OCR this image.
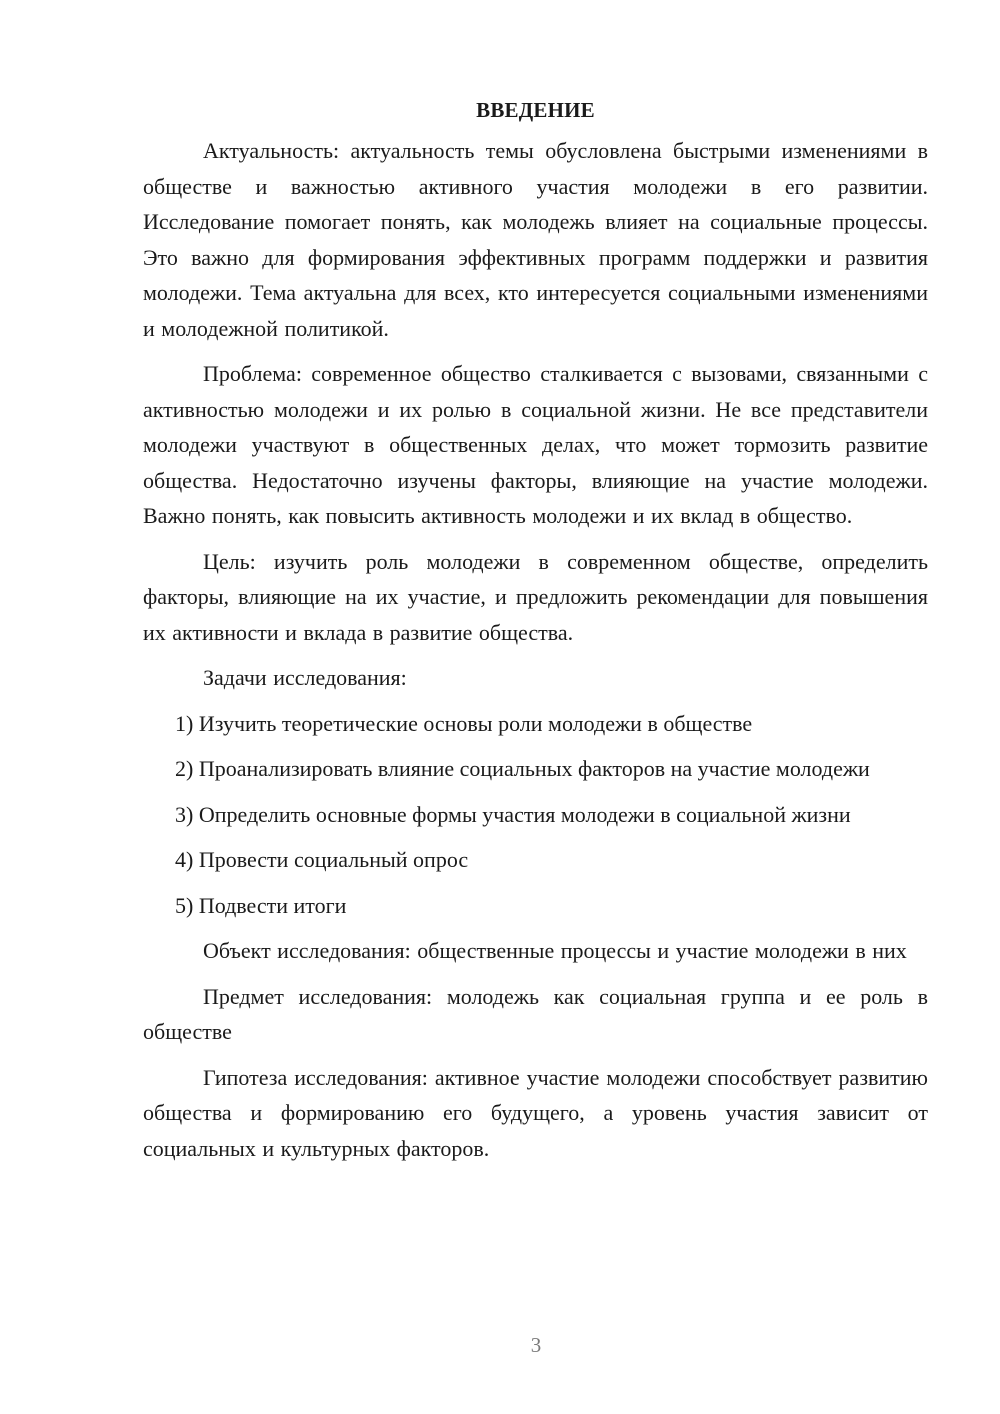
ВВЕДЕНИЕ

Актуальность: актуальность темы обусловлена быстрыми изменениями в обществе и важностью активного участия молодежи в его развитии. Исследование помогает понять, как молодежь влияет на социальные процессы. Это важно для формирования эффективных программ поддержки и развития молодежи. Тема актуальна для всех, кто интересуется социальными изменениями и молодежной политикой.

Проблема: современное общество сталкивается с вызовами, связанными с активностью молодежи и их ролью в социальной жизни. Не все представители молодежи участвуют в общественных делах, что может тормозить развитие общества. Недостаточно изучены факторы, влияющие на участие молодежи. Важно понять, как повысить активность молодежи и их вклад в общество.

Цель: изучить роль молодежи в современном обществе, определить факторы, влияющие на их участие, и предложить рекомендации для повышения их активности и вклада в развитие общества.

Задачи исследования:

1) Изучить теоретические основы роли молодежи в обществе

2) Проанализировать влияние социальных факторов на участие молодежи

3) Определить основные формы участия молодежи в социальной жизни

4) Провести социальный опрос

5) Подвести итоги

Объект исследования: общественные процессы и участие молодежи в них

Предмет исследования: молодежь как социальная группа и ее роль в обществе

Гипотеза исследования: активное участие молодежи способствует развитию общества и формированию его будущего, а уровень участия зависит от социальных и культурных факторов.

3
